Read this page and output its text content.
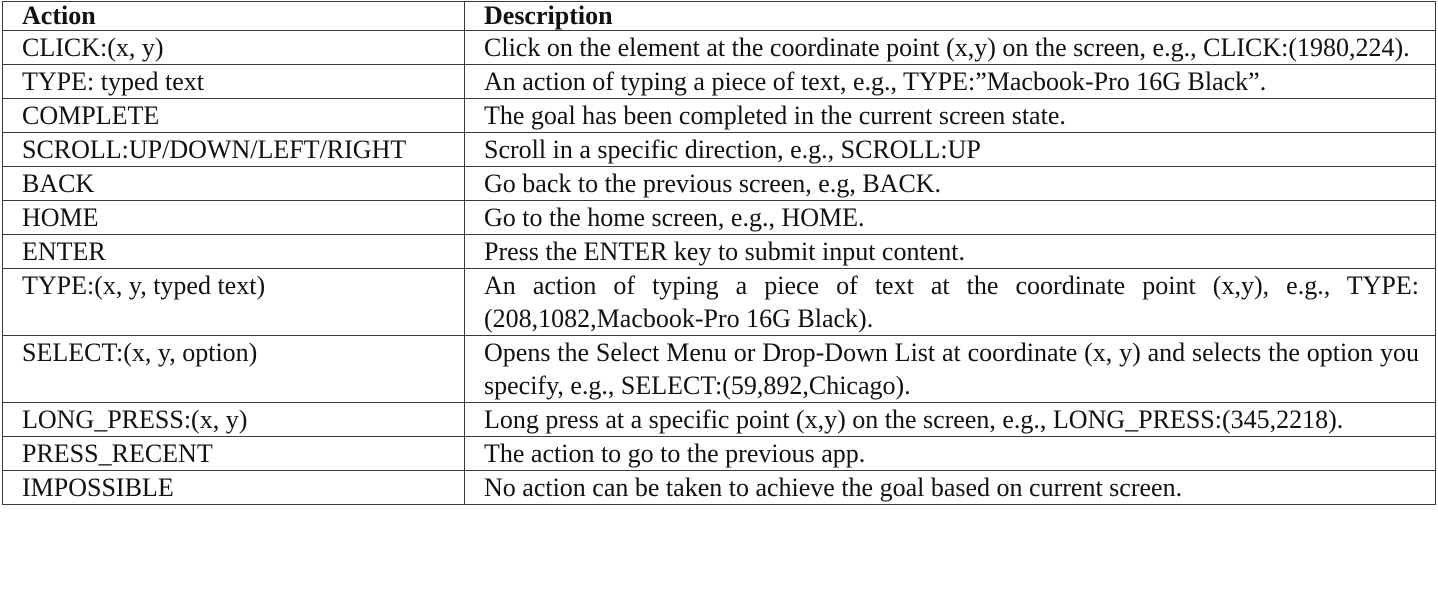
Action	Description
CLICK:(x, y)	Click on the element at the coordinate point (x,y) on the screen, e.g., CLICK:(1980,224).
TYPE: typed text	An action of typing a piece of text, e.g., TYPE:”Macbook-Pro 16G Black”.
COMPLETE	The goal has been completed in the current screen state.
SCROLL:UP/DOWN/LEFT/RIGHT	Scroll in a specific direction, e.g., SCROLL:UP
BACK	Go back to the previous screen, e.g, BACK.
HOME	Go to the home screen, e.g., HOME.
ENTER	Press the ENTER key to submit input content.
TYPE:(x, y, typed text)	An action of typing a piece of text at the coordinate point (x,y), e.g., TYPE:(208,1082,Macbook-Pro 16G Black).
SELECT:(x, y, option)	Opens the Select Menu or Drop-Down List at coordinate (x, y) and selects the option you specify, e.g., SELECT:(59,892,Chicago).
LONG_PRESS:(x, y)	Long press at a specific point (x,y) on the screen, e.g., LONG_PRESS:(345,2218).
PRESS_RECENT	The action to go to the previous app.
IMPOSSIBLE	No action can be taken to achieve the goal based on current screen.
